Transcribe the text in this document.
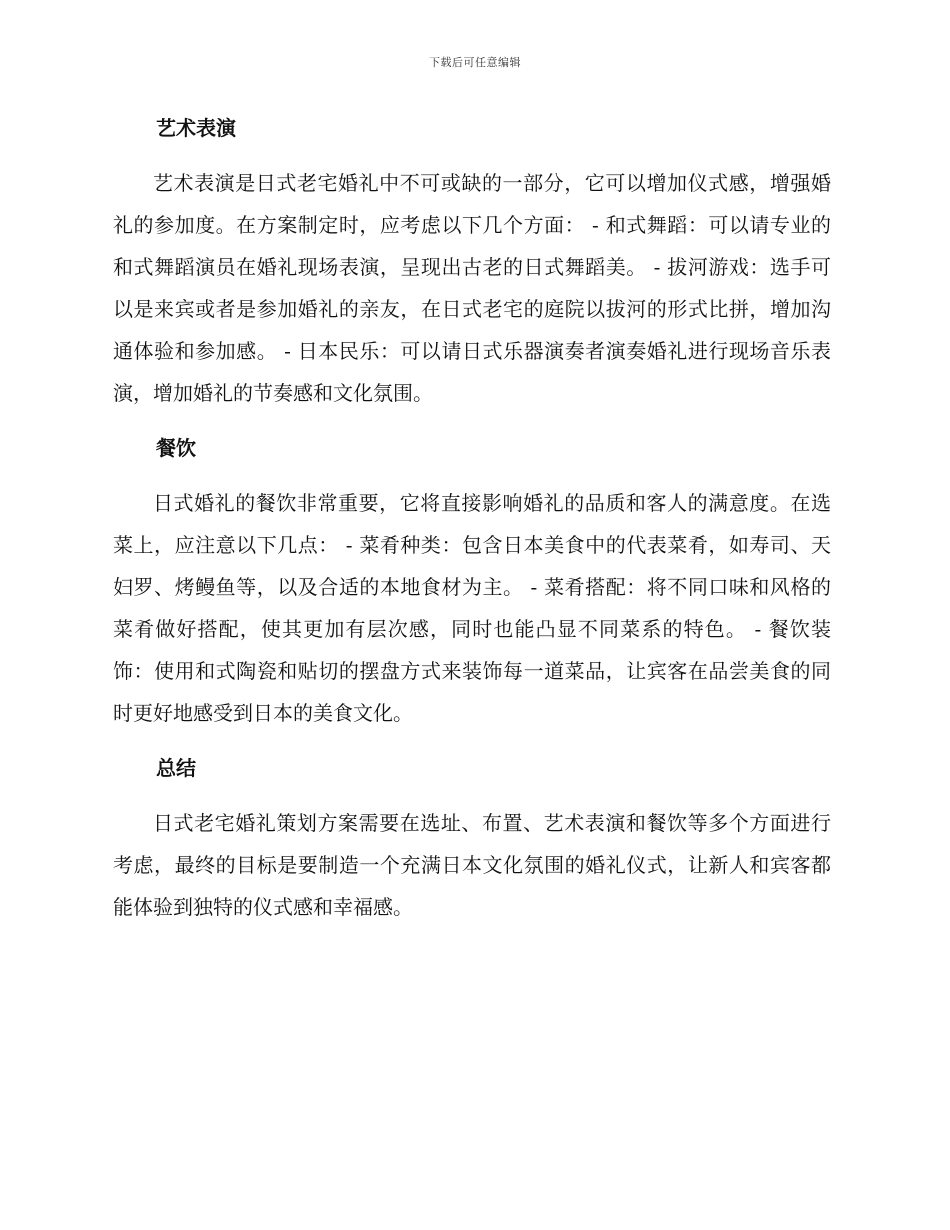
下载后可任意编辑
艺术表演

艺术表演是日式老宅婚礼中不可或缺的一部分，它可以增加仪式感，增强婚礼的参加度。在方案制定时，应考虑以下几个方面： - 和式舞蹈：可以请专业的和式舞蹈演员在婚礼现场表演，呈现出古老的日式舞蹈美。 - 拔河游戏：选手可以是来宾或者是参加婚礼的亲友，在日式老宅的庭院以拔河的形式比拼，增加沟通体验和参加感。 - 日本民乐：可以请日式乐器演奏者演奏婚礼进行现场音乐表演，增加婚礼的节奏感和文化氛围。

餐饮

日式婚礼的餐饮非常重要，它将直接影响婚礼的品质和客人的满意度。在选菜上，应注意以下几点： - 菜肴种类：包含日本美食中的代表菜肴，如寿司、天妇罗、烤鳗鱼等，以及合适的本地食材为主。 - 菜肴搭配：将不同口味和风格的菜肴做好搭配，使其更加有层次感，同时也能凸显不同菜系的特色。 - 餐饮装饰：使用和式陶瓷和贴切的摆盘方式来装饰每一道菜品，让宾客在品尝美食的同时更好地感受到日本的美食文化。

总结

日式老宅婚礼策划方案需要在选址、布置、艺术表演和餐饮等多个方面进行考虑，最终的目标是要制造一个充满日本文化氛围的婚礼仪式，让新人和宾客都能体验到独特的仪式感和幸福感。
